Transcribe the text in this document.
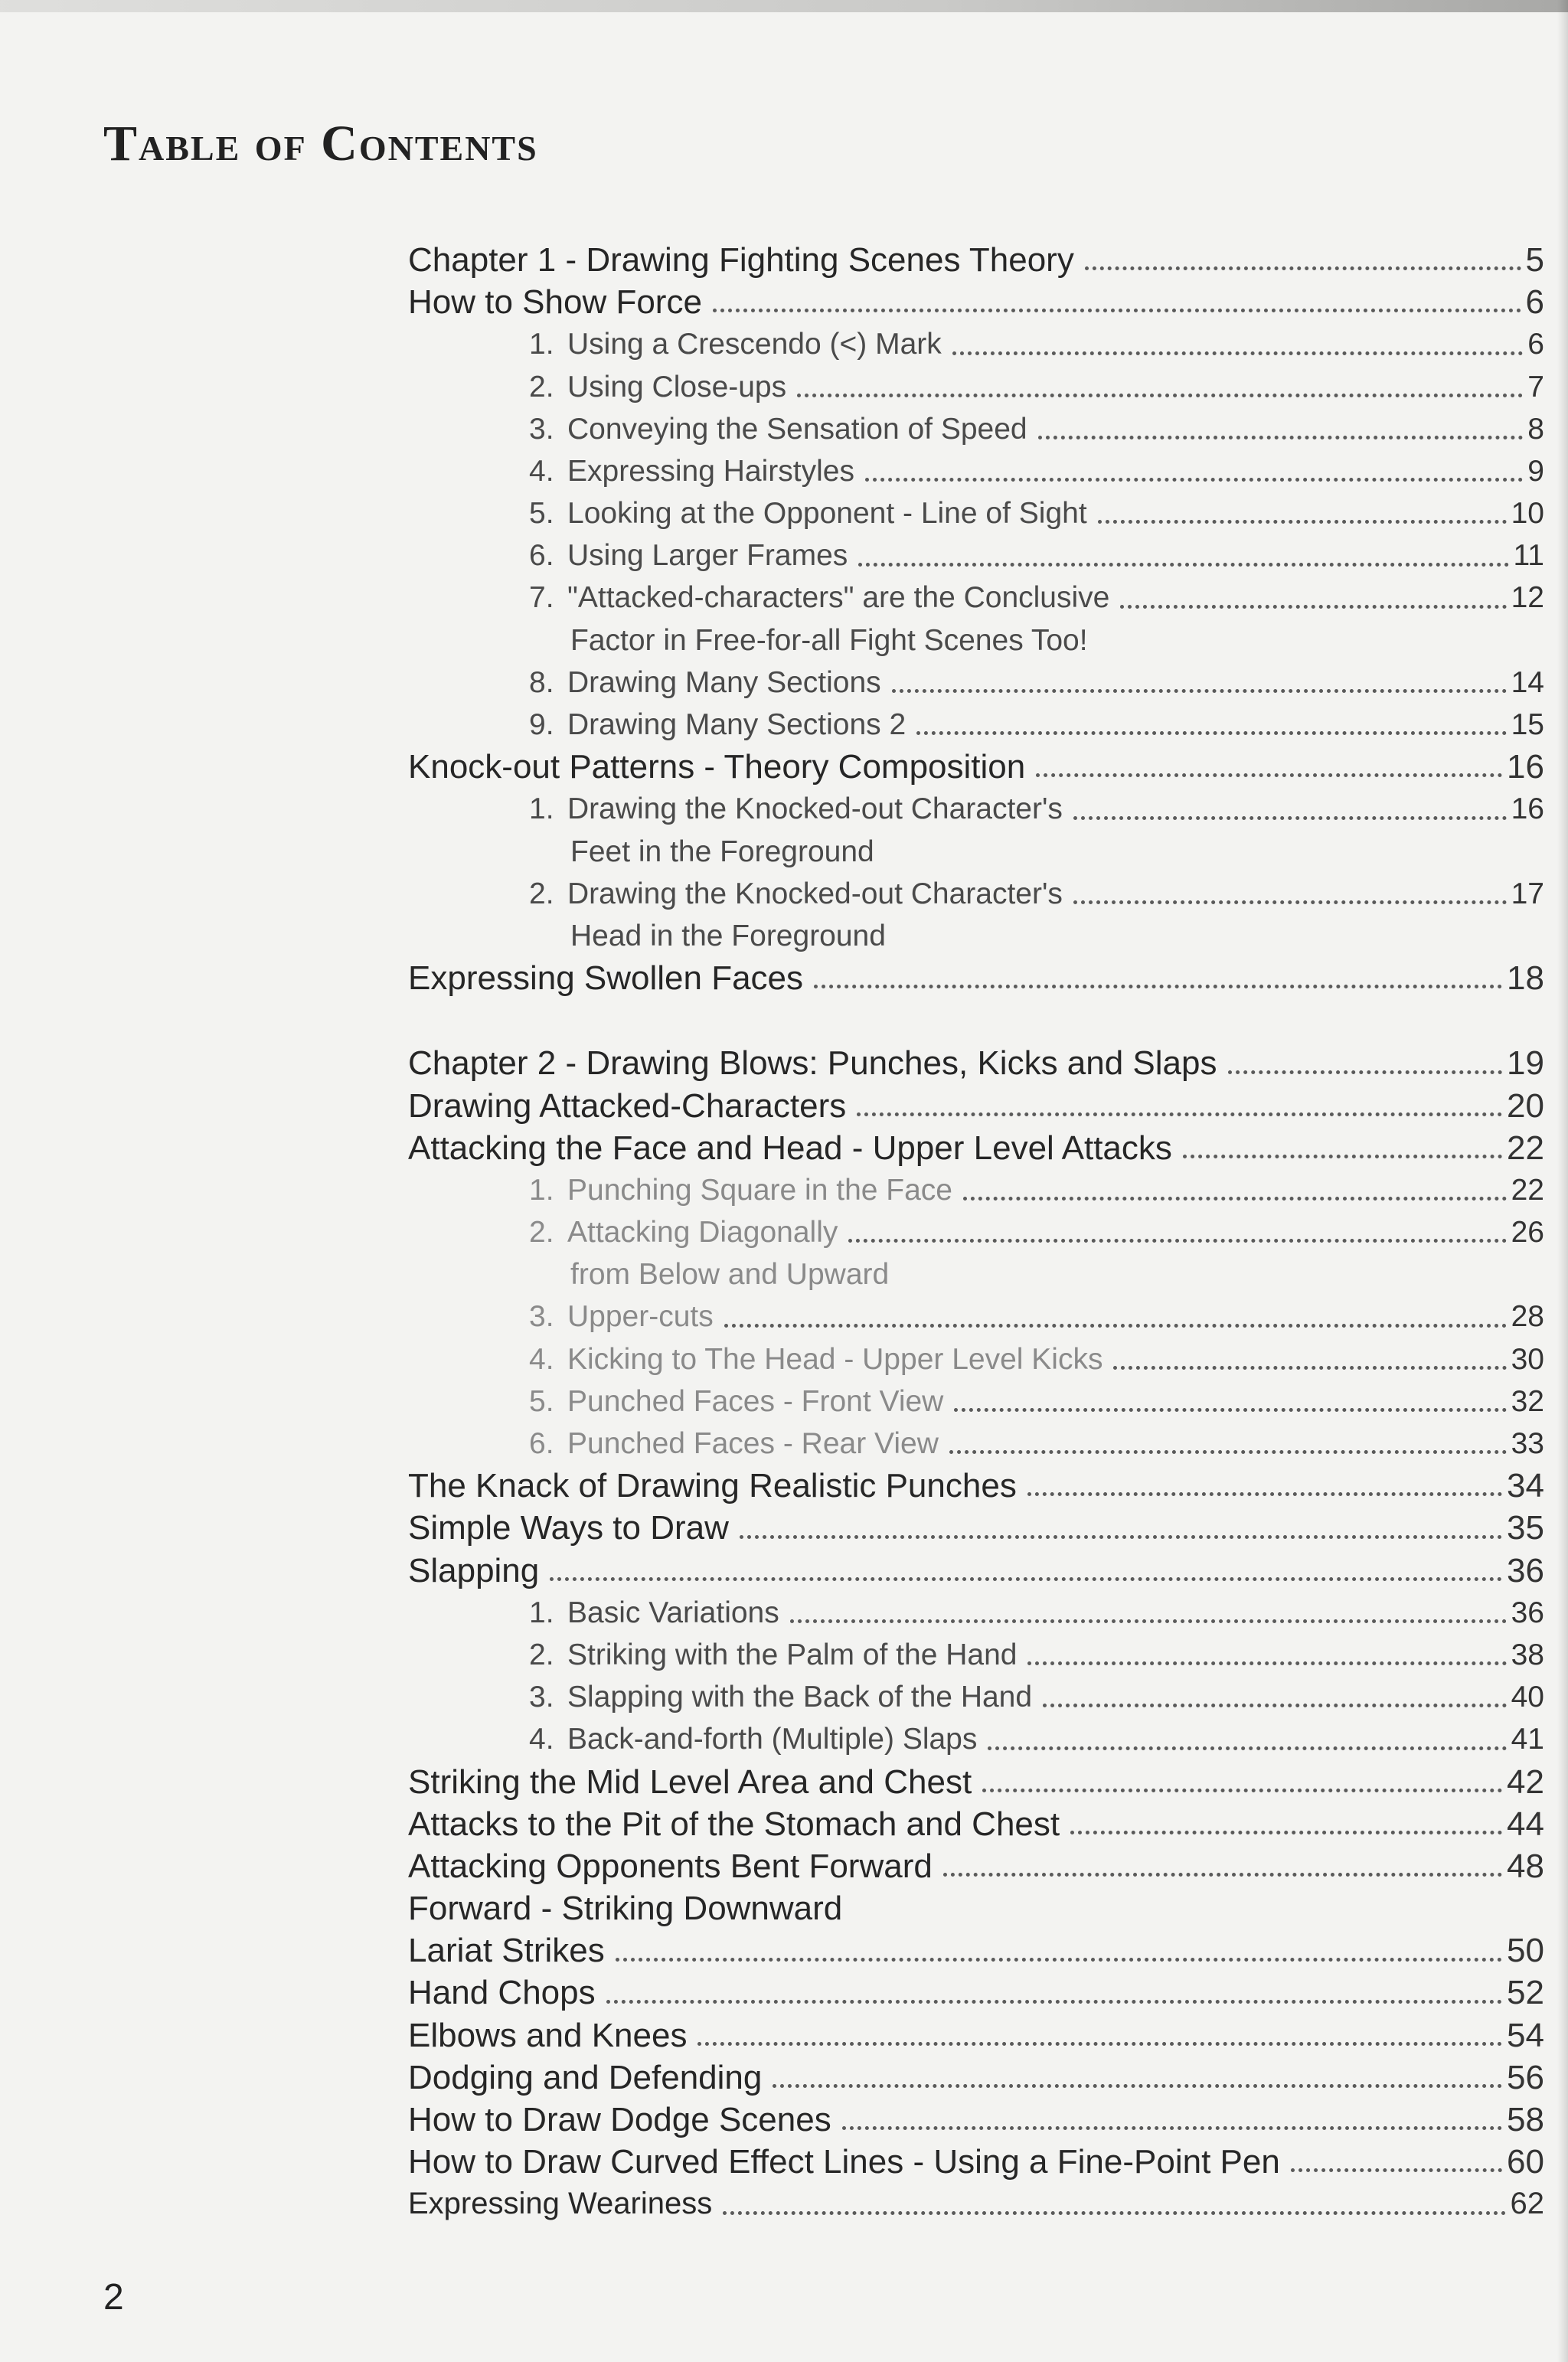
Table of Contents
Chapter 1 - Drawing Fighting Scenes Theory	5
How to Show Force	6
1. Using a Crescendo (<) Mark	6
2. Using Close-ups	7
3. Conveying the Sensation of Speed	8
4. Expressing Hairstyles	9
5. Looking at the Opponent - Line of Sight	10
6. Using Larger Frames	11
7. "Attacked-characters" are the Conclusive	12
Factor in Free-for-all Fight Scenes Too!
8. Drawing Many Sections	14
9. Drawing Many Sections 2	15
Knock-out Patterns - Theory Composition	16
1. Drawing the Knocked-out Character's	16
Feet in the Foreground
2. Drawing the Knocked-out Character's	17
Head in the Foreground
Expressing Swollen Faces	18
Chapter 2 - Drawing Blows: Punches, Kicks and Slaps	19
Drawing Attacked-Characters	20
Attacking the Face and Head - Upper Level Attacks	22
1. Punching Square in the Face	22
2. Attacking Diagonally	26
from Below and Upward
3. Upper-cuts	28
4. Kicking to The Head - Upper Level Kicks	30
5. Punched Faces - Front View	32
6. Punched Faces - Rear View	33
The Knack of Drawing Realistic Punches	34
Simple Ways to Draw	35
Slapping	36
1. Basic Variations	36
2. Striking with the Palm of the Hand	38
3. Slapping with the Back of the Hand	40
4. Back-and-forth (Multiple) Slaps	41
Striking the Mid Level Area and Chest	42
Attacks to the Pit of the Stomach and Chest	44
Attacking Opponents Bent Forward	48
Forward - Striking Downward
Lariat Strikes	50
Hand Chops	52
Elbows and Knees	54
Dodging and Defending	56
How to Draw Dodge Scenes	58
How to Draw Curved Effect Lines - Using a Fine-Point Pen	60
Expressing Weariness	62
2
